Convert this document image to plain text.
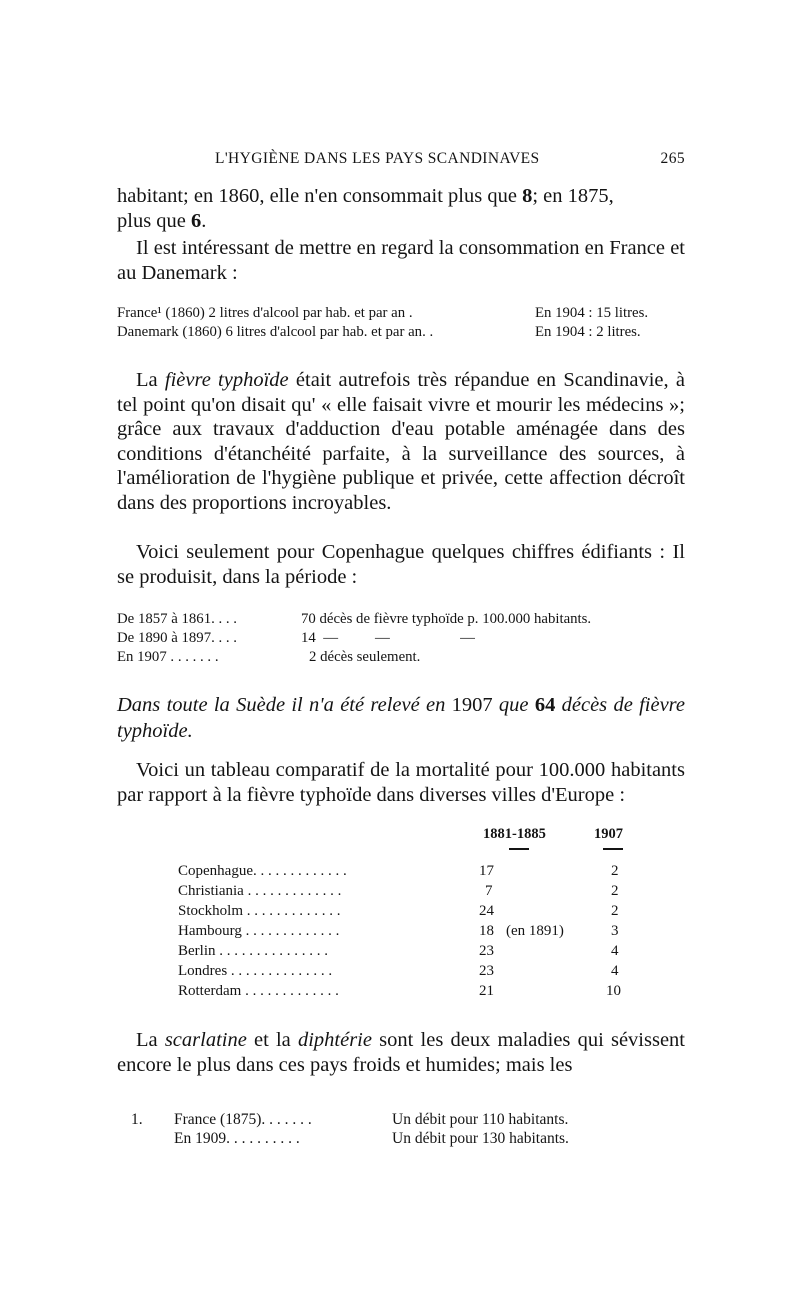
L'HYGIÈNE DANS LES PAYS SCANDINAVES	265

habitant; en 1860, elle n'en consommait plus que 8; en 1875,
plus que 6.

Il est intéressant de mettre en regard la consommation en France et au Danemark :

France¹ (1860) 2 litres d'alcool par hab. et par an .	En 1904 : 15 litres.
Danemark (1860) 6 litres d'alcool par hab. et par an. .	En 1904 : 2 litres.

La fièvre typhoïde était autrefois très répandue en Scandinavie, à tel point qu'on disait qu' « elle faisait vivre et mourir les médecins »; grâce aux travaux d'adduction d'eau potable aménagée dans des conditions d'étanchéité parfaite, à la surveillance des sources, à l'amélioration de l'hygiène publique et privée, cette affection décroît dans des proportions incroyables.

Voici seulement pour Copenhague quelques chiffres édifiants : Il se produisit, dans la période :

De 1857 à 1861. . . .	70 décès de fièvre typhoïde p. 100.000 habitants.
De 1890 à 1897. . . .	14  —          —                   —
En 1907 . . . . . . .	2 décès seulement.
Dans toute la Suède il n'a été relevé en 1907 que 64 décès de fièvre typhoïde.

Voici un tableau comparatif de la mortalité pour 100.000 habitants par rapport à la fièvre typhoïde dans diverses villes d'Europe :

1881-1885	1907
Copenhague. . . . . . . . . . . . .	17	2
Christiania . . . . . . . . . . . . .	7	2
Stockholm . . . . . . . . . . . . .	24	2
Hambourg . . . . . . . . . . . . .	18 (en 1891)	3
Berlin . . . . . . . . . . . . . . .	23	4
Londres . . . . . . . . . . . . . .	23	4
Rotterdam . . . . . . . . . . . . .	21	10

La scarlatine et la diphtérie sont les deux maladies qui sévissent encore le plus dans ces pays froids et humides; mais les

1. France (1875). . . . . . .	Un débit pour 110 habitants.
En 1909. . . . . . . . . .	Un débit pour 130 habitants.
